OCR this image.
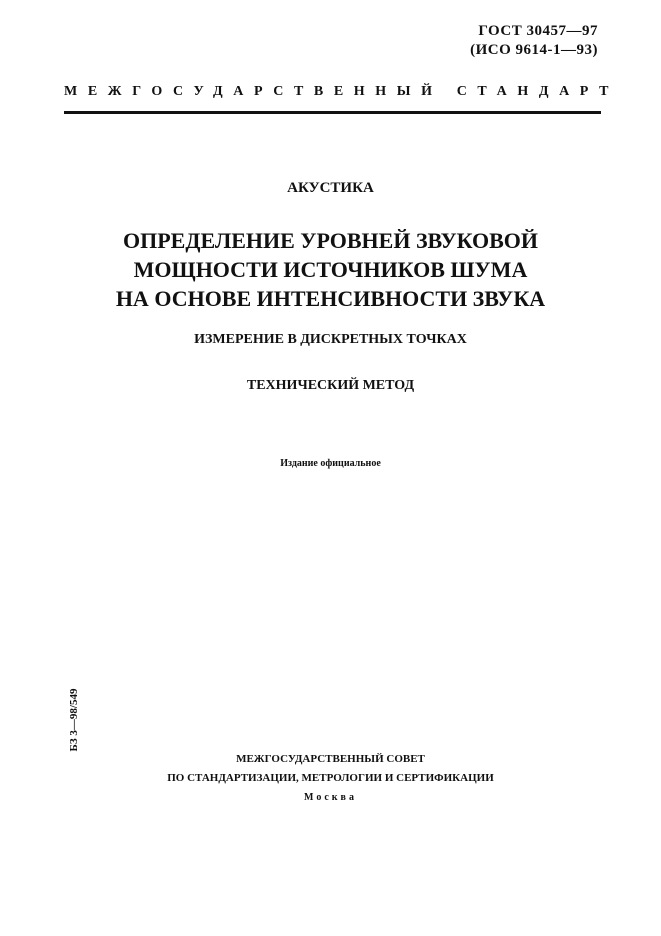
ГОСТ 30457—97
(ИСО 9614-1—93)
МЕЖГОСУДАРСТВЕННЫЙ СТАНДАРТ
АКУСТИКА
ОПРЕДЕЛЕНИЕ УРОВНЕЙ ЗВУКОВОЙ
МОЩНОСТИ ИСТОЧНИКОВ ШУМА
НА ОСНОВЕ ИНТЕНСИВНОСТИ ЗВУКА
ИЗМЕРЕНИЕ В ДИСКРЕТНЫХ ТОЧКАХ
ТЕХНИЧЕСКИЙ МЕТОД
Издание официальное
БЗ 3—98/549
МЕЖГОСУДАРСТВЕННЫЙ СОВЕТ
ПО СТАНДАРТИЗАЦИИ, МЕТРОЛОГИИ И СЕРТИФИКАЦИИ
Москва
